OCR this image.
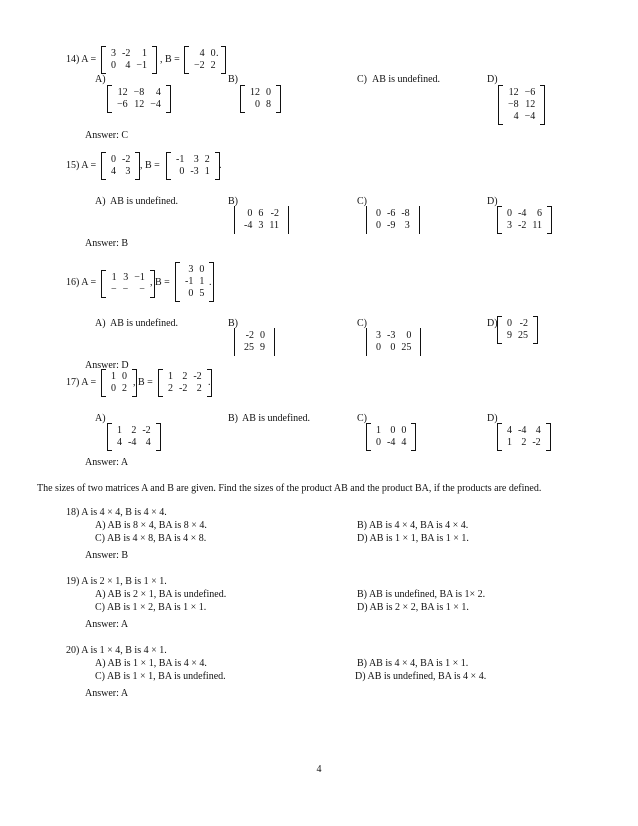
14) A =
3	-2	1
0	4	−1
, B =
4	0
−2	2
.
A)
12	−8	4
−6	12	−4
B)
12	0
0	8
C) AB is undefined.	D)
12	−6
−8	12
4	−4
Answer: C
15) A =
0	-2
4	3
, B =
-1	3	2
0	-3	1
.
A) AB is undefined.	B)
0	6	-2
-4	3	11
C)
0	-6	-8
0	-9	3
D)
0	-4	6
3	-2	11
Answer: B
16) A = 1	3	−1
−	−	−
, B =
3	0
-1	1
0	5
.
A) AB is undefined.	B)
-2	0
25	9
C)
3	-3	0
0	0	25
D) 0	-2
9	25
Answer: D
17) A =
1	0
0	2
, B =
1	2	-2
2	-2	2
.
A)
1	2	-2
4	-4	4
B) AB is undefined.	C)
1	0	0
0	-4	4
D)
4	-4	4
1	2	-2
Answer: A
The sizes of two matrices A and B are given. Find the sizes of the product AB and the product BA, if the products are defined.
18) A is 4 × 4, B is 4 × 4.
A) AB is 8 × 4, BA is 8 × 4.	B) AB is 4 × 4, BA is 4 × 4.
C) AB is 4 × 8, BA is 4 × 8.	D) AB is 1 × 1, BA is 1 × 1.
Answer: B
19) A is 2 × 1, B is 1 × 1.
A) AB is 2 × 1, BA is undefined.	B) AB is undefined, BA is 1× 2.
C) AB is 1 × 2, BA is 1 × 1.	D) AB is 2 × 2, BA is 1 × 1.
Answer: A
20) A is 1 × 4, B is 4 × 1.
A) AB is 1 × 1, BA is 4 × 4.	B) AB is 4 × 4, BA is 1 × 1.
C) AB is 1 × 1, BA is undefined.	D) AB is undefined, BA is 4 × 4.
Answer: A
4
